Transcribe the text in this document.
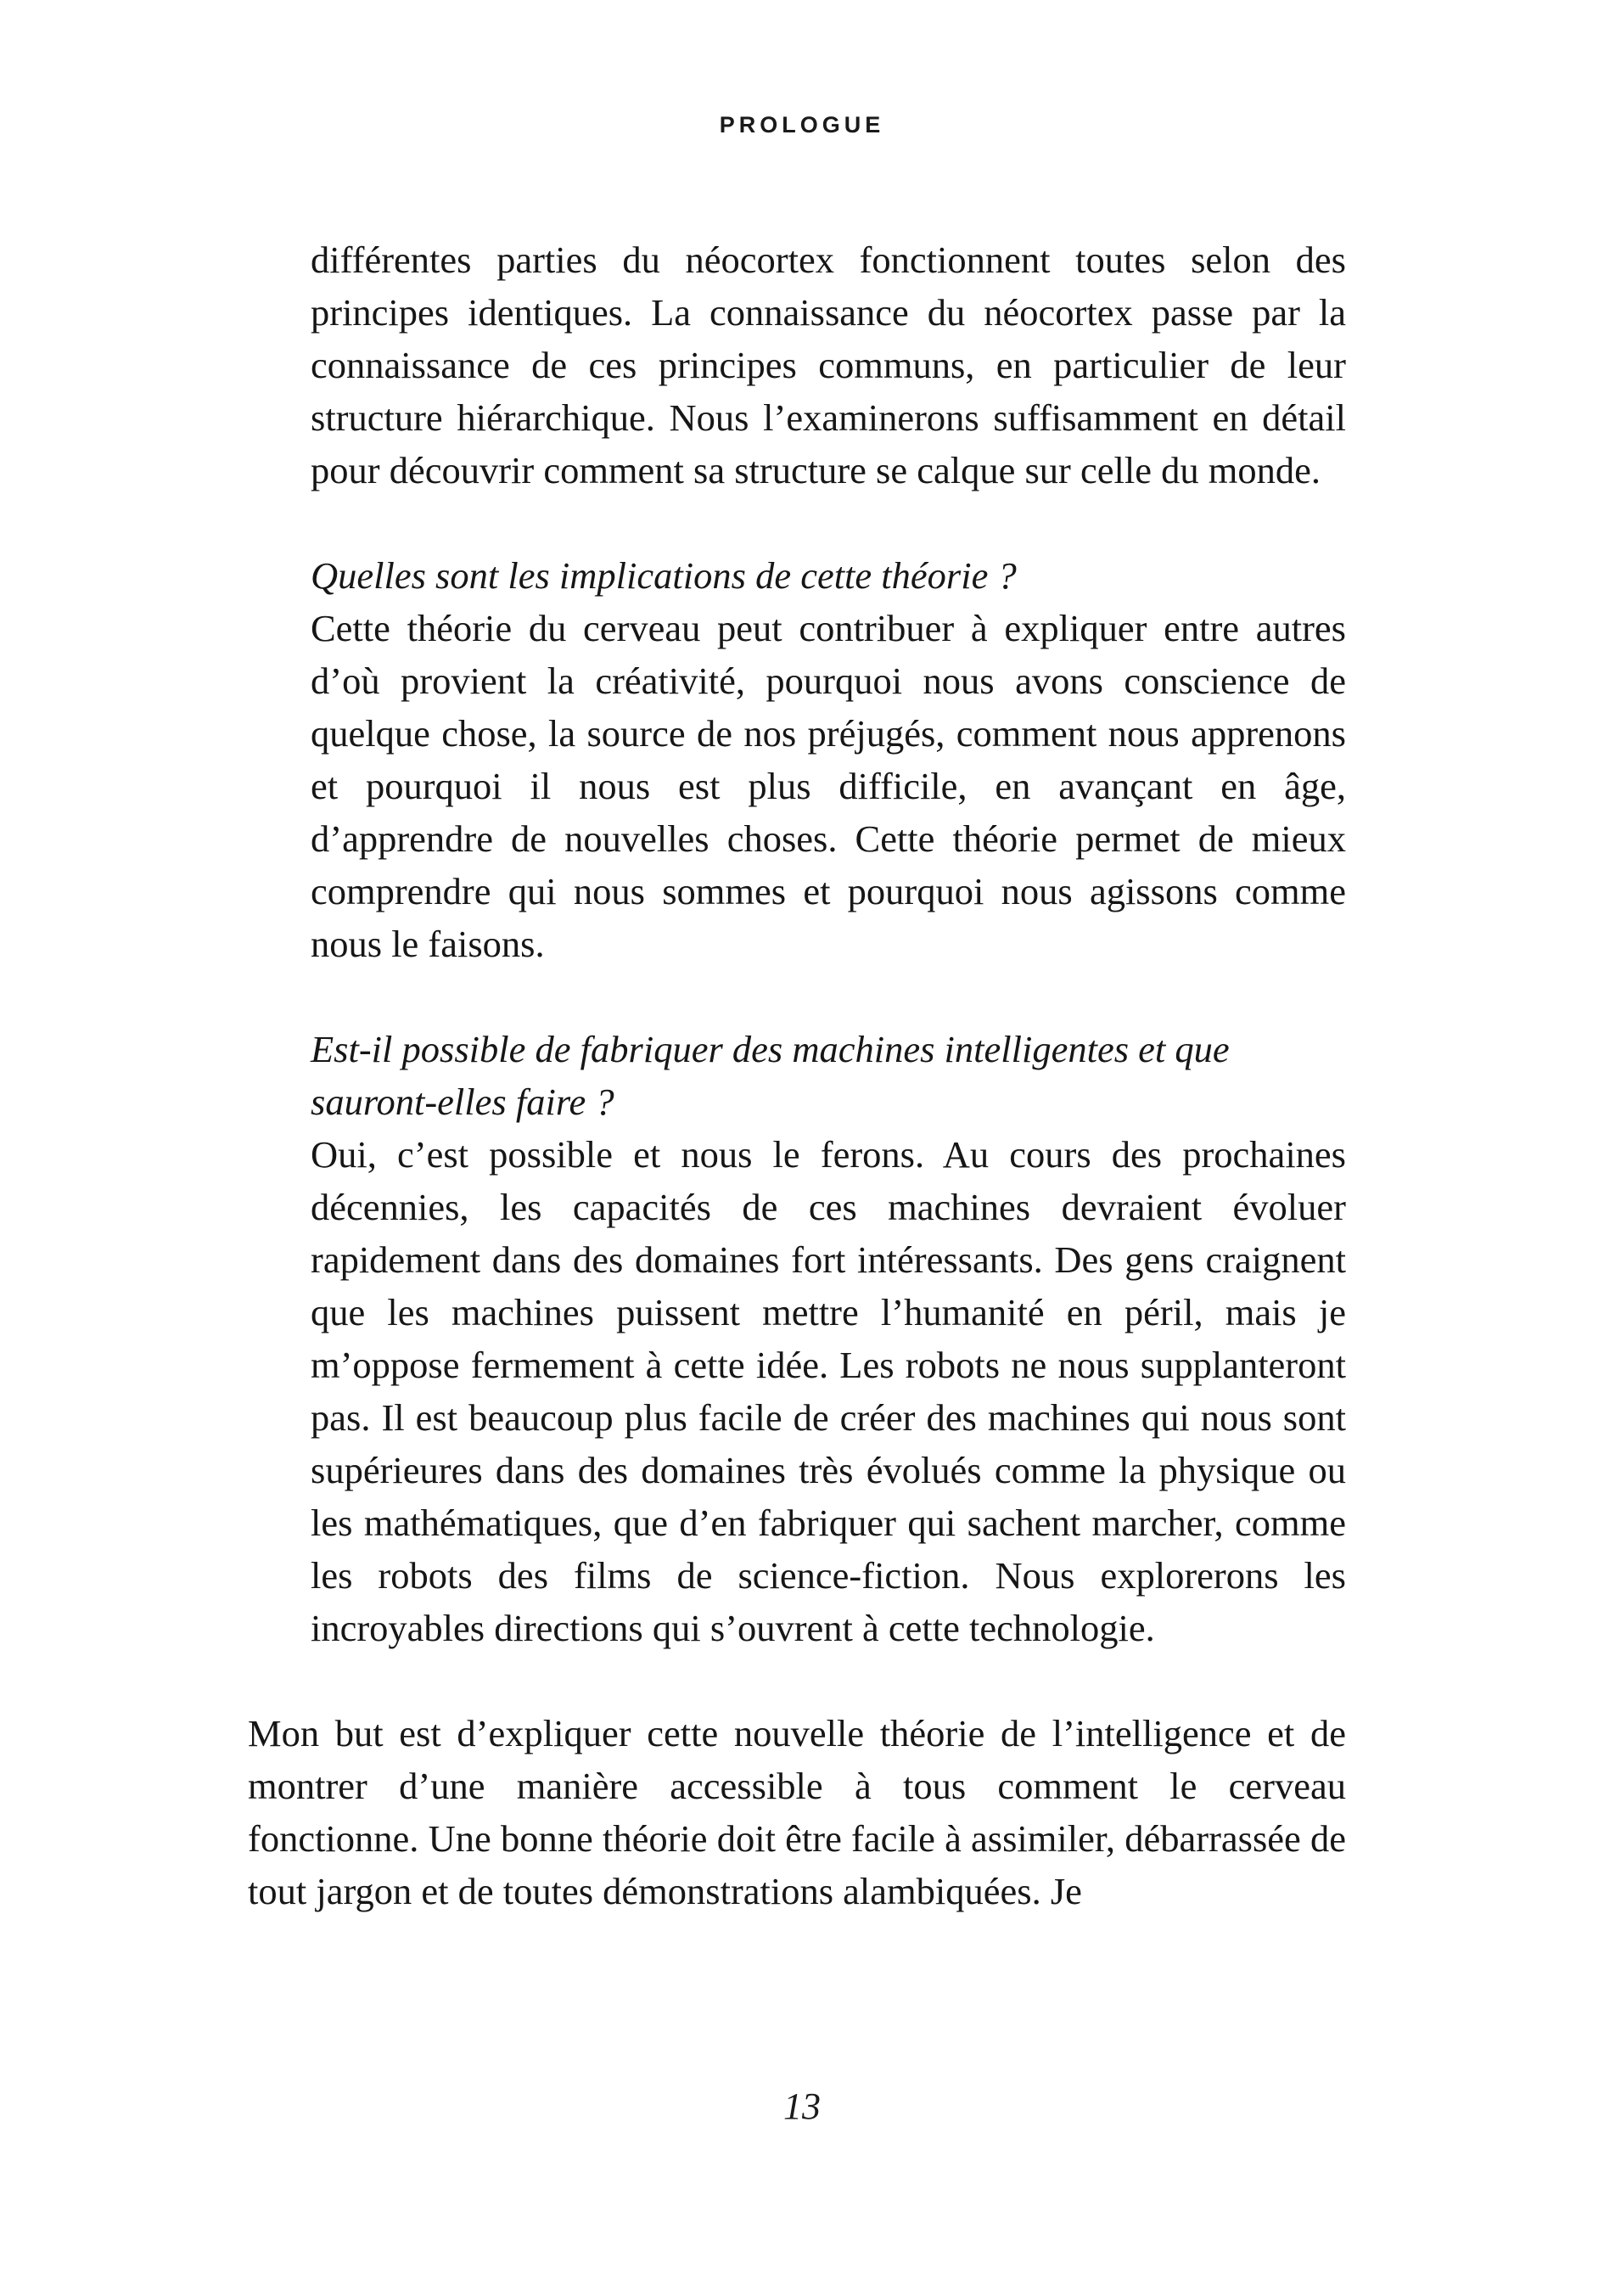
PROLOGUE

différentes parties du néocortex fonctionnent toutes selon des principes identiques. La connaissance du néocortex passe par la connaissance de ces principes communs, en particulier de leur structure hiérarchique. Nous l’examinerons suffisamment en détail pour découvrir comment sa structure se calque sur celle du monde.

Quelles sont les implications de cette théorie ?

Cette théorie du cerveau peut contribuer à expliquer entre autres d’où provient la créativité, pourquoi nous avons conscience de quelque chose, la source de nos préjugés, comment nous apprenons et pourquoi il nous est plus difficile, en avançant en âge, d’apprendre de nouvelles choses. Cette théorie permet de mieux comprendre qui nous sommes et pourquoi nous agissons comme nous le faisons.

Est-il possible de fabriquer des machines intelligentes et que sauront-elles faire ?

Oui, c’est possible et nous le ferons. Au cours des prochaines décennies, les capacités de ces machines devraient évoluer rapidement dans des domaines fort intéressants. Des gens craignent que les machines puissent mettre l’humanité en péril, mais je m’oppose fermement à cette idée. Les robots ne nous supplanteront pas. Il est beaucoup plus facile de créer des machines qui nous sont supérieures dans des domaines très évolués comme la physique ou les mathématiques, que d’en fabriquer qui sachent marcher, comme les robots des films de science-fiction. Nous explorerons les incroyables directions qui s’ouvrent à cette technologie.

Mon but est d’expliquer cette nouvelle théorie de l’intelligence et de montrer d’une manière accessible à tous comment le cerveau fonctionne. Une bonne théorie doit être facile à assimiler, débarrassée de tout jargon et de toutes démonstrations alambiquées. Je

13
